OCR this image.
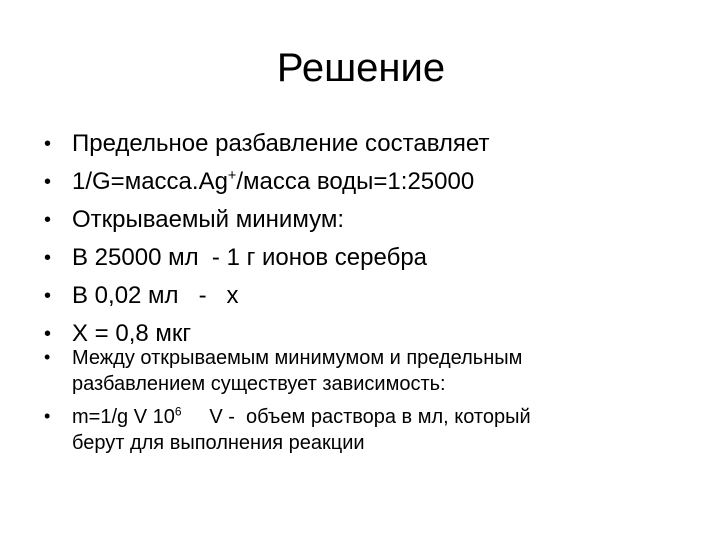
Решение
• Предельное разбавление составляет
• 1/G=масса.Ag+/масса воды=1:25000
• Открываемый минимум:
• В 25000 мл  - 1 г ионов серебра
• В 0,02 мл   -   х
• Х = 0,8 мкг
• Между открываемым минимумом и предельным
разбавлением существует зависимость:
• m=1/g V $10^6$     V -  объем раствора в мл, который
берут для выполнения реакции
